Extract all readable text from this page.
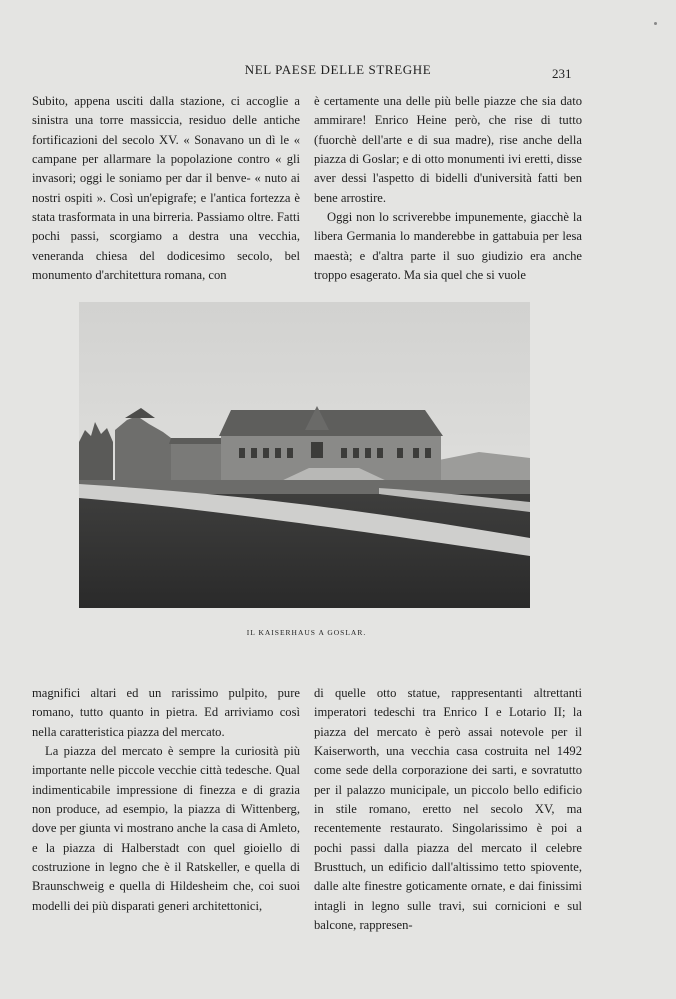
NEL PAESE DELLE STREGHE	231

Subito, appena usciti dalla stazione, ci accoglie a sinistra una torre massiccia, residuo delle antiche fortificazioni del secolo XV. « Sonavano un dì le « campane per allarmare la popolazione contro « gli invasori; oggi le soniamo per dar il benve- « nuto ai nostri ospiti ». Così un'epigrafe; e l'antica fortezza è stata trasformata in una birreria. Passiamo oltre. Fatti pochi passi, scorgiamo a destra una vecchia, veneranda chiesa del dodicesimo secolo, bel monumento d'architettura romana, con

è certamente una delle più belle piazze che sia dato ammirare! Enrico Heine però, che rise di tutto (fuorchè dell'arte e di sua madre), rise anche della piazza di Goslar; e di otto monumenti ivi eretti, disse aver dessi l'aspetto di bidelli d'università fatti ben bene arrostire.

Oggi non lo scriverebbe impunemente, giacchè la libera Germania lo manderebbe in gattabuia per lesa maestà; e d'altra parte il suo giudizio era anche troppo esagerato. Ma sia quel che si vuole

IL KAISERHAUS A GOSLAR.

magnifici altari ed un rarissimo pulpito, pure romano, tutto quanto in pietra. Ed arriviamo così nella caratteristica piazza del mercato.

La piazza del mercato è sempre la curiosità più importante nelle piccole vecchie città tedesche. Qual indimenticabile impressione di finezza e di grazia non produce, ad esempio, la piazza di Wittenberg, dove per giunta vi mostrano anche la casa di Amleto, e la piazza di Halberstadt con quel gioiello di costruzione in legno che è il Ratskeller, e quella di Braunschweig e quella di Hildesheim che, coi suoi modelli dei più disparati generi architettonici,

di quelle otto statue, rappresentanti altrettanti imperatori tedeschi tra Enrico I e Lotario II; la piazza del mercato è però assai notevole per il Kaiserworth, una vecchia casa costruita nel 1492 come sede della corporazione dei sarti, e sovratutto per il palazzo municipale, un piccolo bello edificio in stile romano, eretto nel secolo XV, ma recentemente restaurato. Singolarissimo è poi a pochi passi dalla piazza del mercato il celebre Brusttuch, un edificio dall'altissimo tetto spiovente, dalle alte finestre goticamente ornate, e dai finissimi intagli in legno sulle travi, sui cornicioni e sul balcone, rappresen-
